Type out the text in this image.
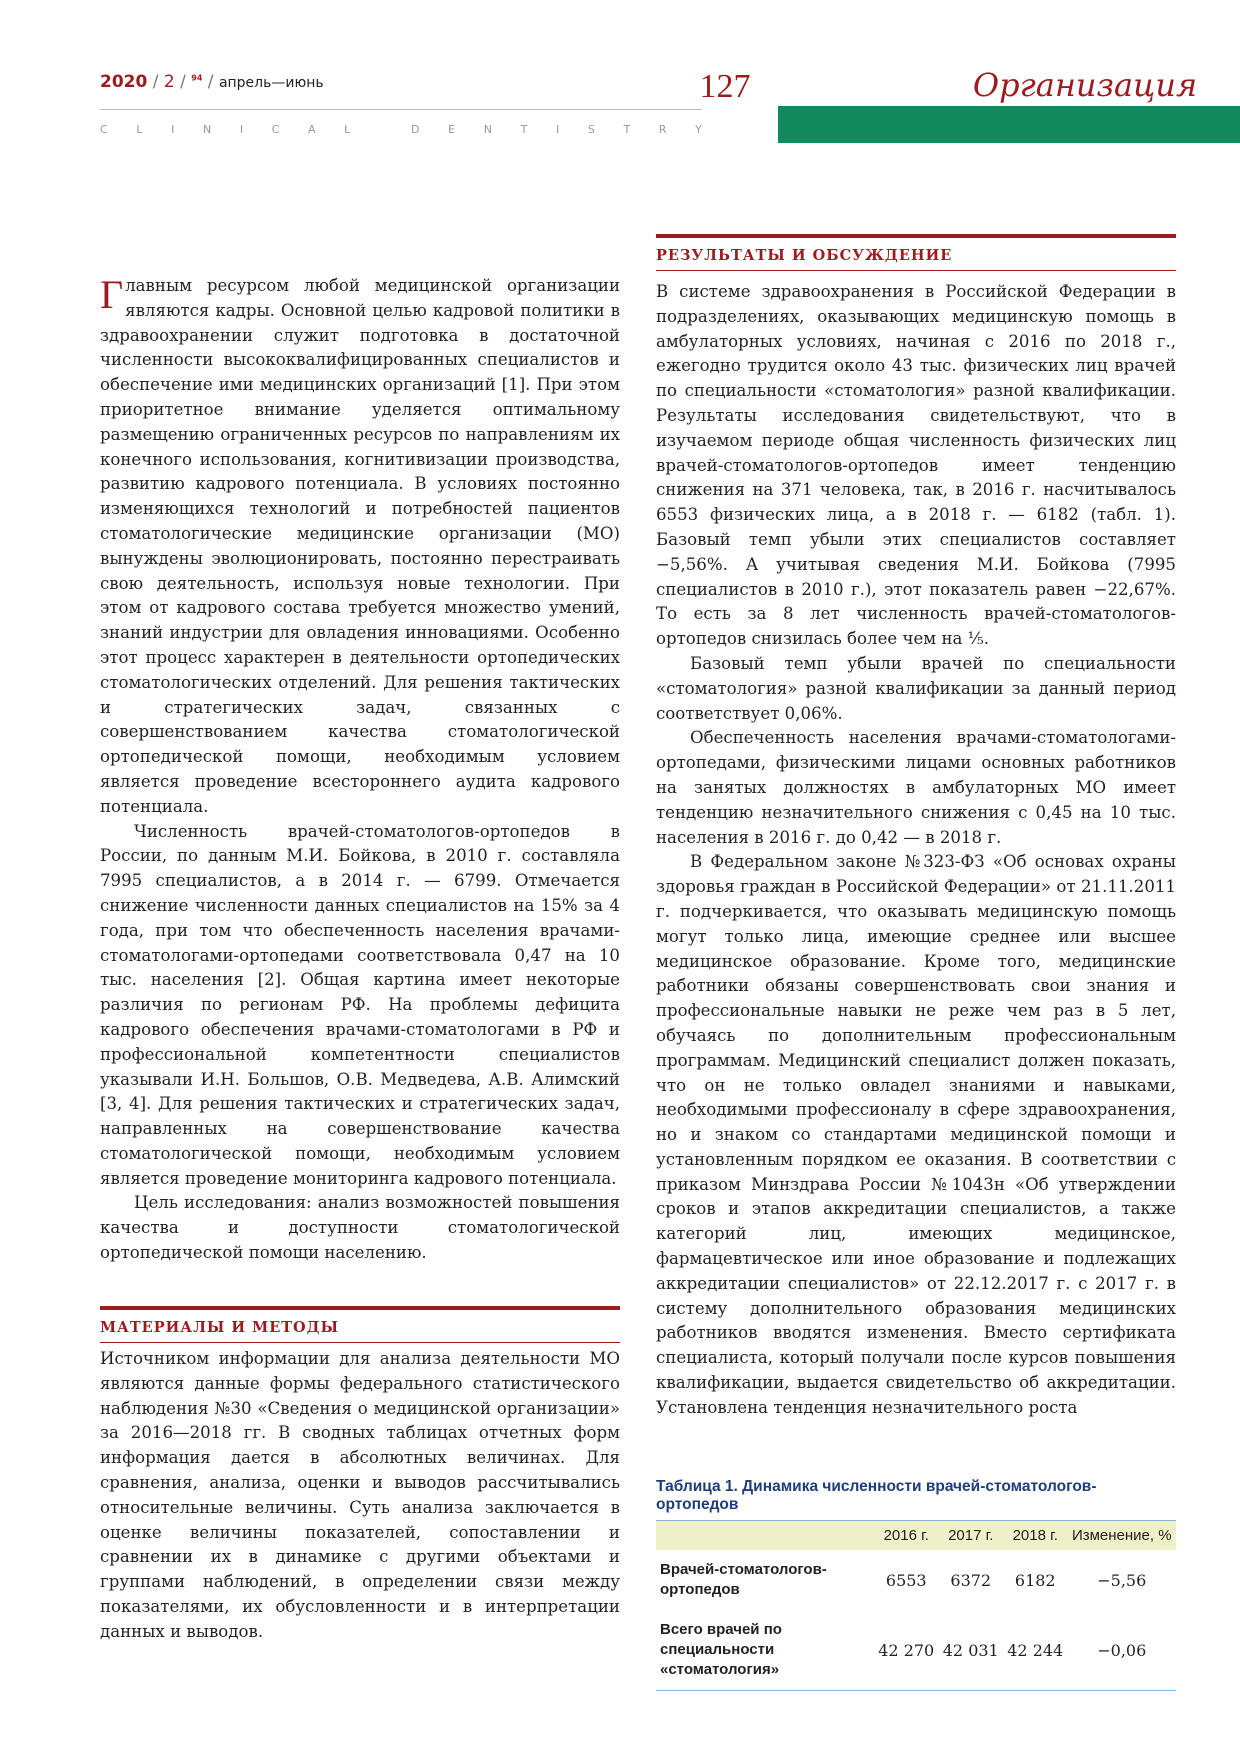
2020 / 2 / $^{94}$ / апрель—июнь	127
C	L	I	N	I	C	A	L
	D	E	N	T	I	S	T	R	Y
Организация
РЕЗУЛЬТАТЫ И ОБСУЖДЕНИЕ

Главным ресурсом любой медицинской организации являются кадры. Основной целью кадровой политики в здравоохранении служит подготовка в достаточной численности высококвалифицированных специалистов и обеспечение ими медицинских организаций [1]. При этом приоритетное внимание уделяется оптимальному размещению ограниченных ресурсов по направлениям их конечного использования, когнитивизации производства, развитию кадрового потенциала. В условиях постоянно изменяющихся технологий и потребностей пациентов стоматологические медицинские организации (МО) вынуждены эволюционировать, постоянно перестраивать свою деятельность, используя новые технологии. При этом от кадрового состава требуется множество умений, знаний индустрии для овладения инновациями. Особенно этот процесс характерен в деятельности ортопедических стоматологических отделений. Для решения тактических и стратегических задач, связанных с совершенствованием качества стоматологической ортопедической помощи, необходимым условием является проведение всестороннего аудита кадрового потенциала.

Численность врачей-стоматологов-ортопедов в России, по данным М.И. Бойкова, в 2010 г. составляла 7995 специалистов, а в 2014 г. — 6799. Отмечается снижение численности данных специалистов на 15% за 4 года, при том что обеспеченность населения врачами-стоматологами-ортопедами соответствовала 0,47 на 10 тыс. населения [2]. Общая картина имеет некоторые различия по регионам РФ. На проблемы дефицита кадрового обеспечения врачами-стоматологами в РФ и профессиональной компетентности специалистов указывали И.Н. Большов, О.В. Медведева, А.В. Алимский [3, 4]. Для решения тактических и стратегических задач, направленных на совершенствование качества стоматологической помощи, необходимым условием является проведение мониторинга кадрового потенциала.

Цель исследования: анализ возможностей повышения качества и доступности стоматологической ортопедической помощи населению.

МАТЕРИАЛЫ И МЕТОДЫ

Источником информации для анализа деятельности МО являются данные формы федерального статистического наблюдения №30 «Сведения о медицинской организации» за 2016—2018 гг. В сводных таблицах отчетных форм информация дается в абсолютных величинах. Для сравнения, анализа, оценки и выводов рассчитывались относительные величины. Суть анализа заключается в оценке величины показателей, сопоставлении и сравнении их в динамике с другими объектами и группами наблюдений, в определении связи между показателями, их обусловленности и в интерпретации данных и выводов.

В системе здравоохранения в Российской Федерации в подразделениях, оказывающих медицинскую помощь в амбулаторных условиях, начиная с 2016 по 2018 г., ежегодно трудится около 43 тыс. физических лиц врачей по специальности «стоматология» разной квалификации. Результаты исследования свидетельствуют, что в изучаемом периоде общая численность физических лиц врачей-стоматологов-ортопедов имеет тенденцию снижения на 371 человека, так, в 2016 г. насчитывалось 6553 физических лица, а в 2018 г. — 6182 (табл. 1). Базовый темп убыли этих специалистов составляет −5,56%. А учитывая сведения М.И. Бойкова (7995 специалистов в 2010 г.), этот показатель равен −22,67%. То есть за 8 лет численность врачей-стоматологов-ортопедов снизилась более чем на ⅕.

Базовый темп убыли врачей по специальности «стоматология» разной квалификации за данный период соответствует 0,06%.

Обеспеченность населения врачами-стоматологами-ортопедами, физическими лицами основных работников на занятых должностях в амбулаторных МО имеет тенденцию незначительного снижения с 0,45 на 10 тыс. населения в 2016 г. до 0,42 — в 2018 г.

В Федеральном законе №323-ФЗ «Об основах охраны здоровья граждан в Российской Федерации» от 21.11.2011 г. подчеркивается, что оказывать медицинскую помощь могут только лица, имеющие среднее или высшее медицинское образование. Кроме того, медицинские работники обязаны совершенствовать свои знания и профессиональные навыки не реже чем раз в 5 лет, обучаясь по дополнительным профессиональным программам. Медицинский специалист должен показать, что он не только овладел знаниями и навыками, необходимыми профессионалу в сфере здравоохранения, но и знаком со стандартами медицинской помощи и установленным порядком ее оказания. В соответствии с приказом Минздрава России №1043н «Об утверждении сроков и этапов аккредитации специалистов, а также категорий лиц, имеющих медицинское, фармацевтическое или иное образование и подлежащих аккредитации специалистов» от 22.12.2017 г. с 2017 г. в систему дополнительного образования медицинских работников вводятся изменения. Вместо сертификата специалиста, который получали после курсов повышения квалификации, выдается свидетельство об аккредитации. Установлена тенденция незначительного роста

Таблица 1. Динамика численности врачей-стоматологов-ортопедов
	2016 г.	2017 г.	2018 г.	Изменение, %
Врачей-стоматологов-ортопедов	6553	6372	6182	−5,56
Всего врачей по специальности «стоматология»	42 270	42 031	42 244	−0,06
